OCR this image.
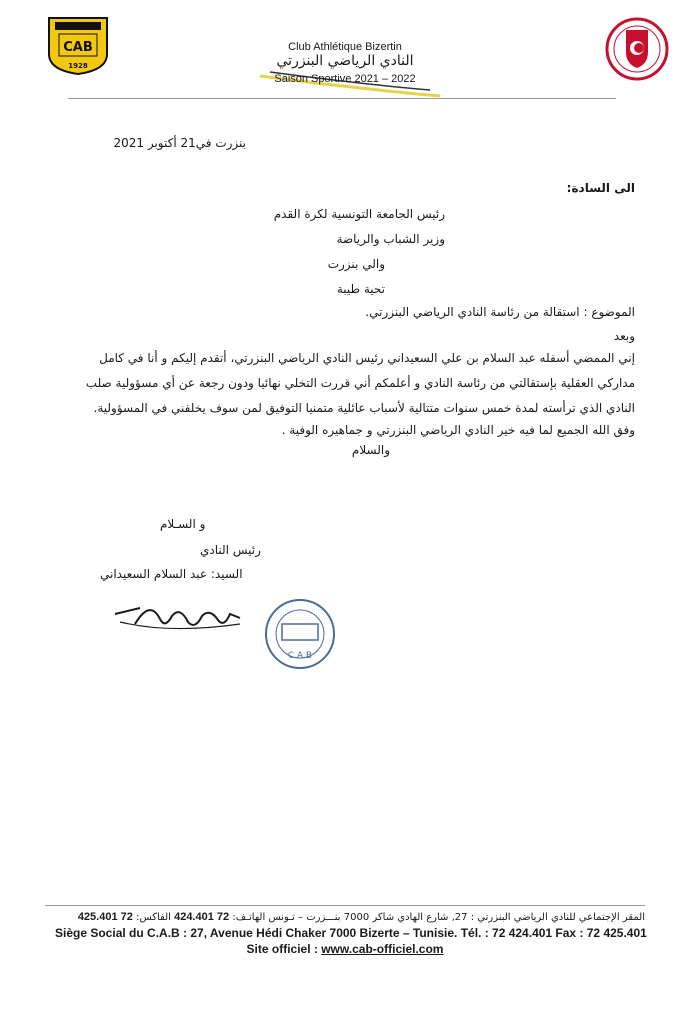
CAB
1928
Club Athlétique Bizertin
النادي الرياضي البنزرتي
Saison Sportive 2021 – 2022
بنزرت في21 أكتوبر 2021
الى السادة:
رئيس الجامعة التونسية لكرة القدم
وزير الشباب والرياضة
والي بنزرت
تحية طيبة
الموضوع : استقالة من رئاسة النادي الرياضي البنزرتي.
وبعد
إني الممضي أسفله عبد السلام بن علي السعيداني رئيس النادي الرياضي البنزرتي، أتقدم إليكم و أنا في كامل مداركي العقلية بإستقالتي من رئاسة النادي و أعلمكم أني قررت التخلي نهائيا ودون رجعة عن أي مسؤولية صلب النادي الذي ترأسته لمدة خمس سنوات متتالية لأسباب عائلية متمنيا التوفيق لمن سوف يخلفني في المسؤولية.
وفق الله الجميع لما فيه خير النادي الرياضي البنزرتي و جماهيره الوفية .
والسلام
و السـلام
رئيس النادي
السيد: عبد السلام السعيداني
C.A.B
المقر الإجتماعي للنادي الرياضي البنزرتي : 27, شارع الهادي شاكر 7000 بنـــزرت – تـونس الهاتـف: 72 424.401 الفاكس: 72 425.401
Siège Social du C.A.B : 27, Avenue Hédi Chaker 7000 Bizerte – Tunisie. Tél. : 72 424.401 Fax : 72 425.401
Site officiel : www.cab-officiel.com
